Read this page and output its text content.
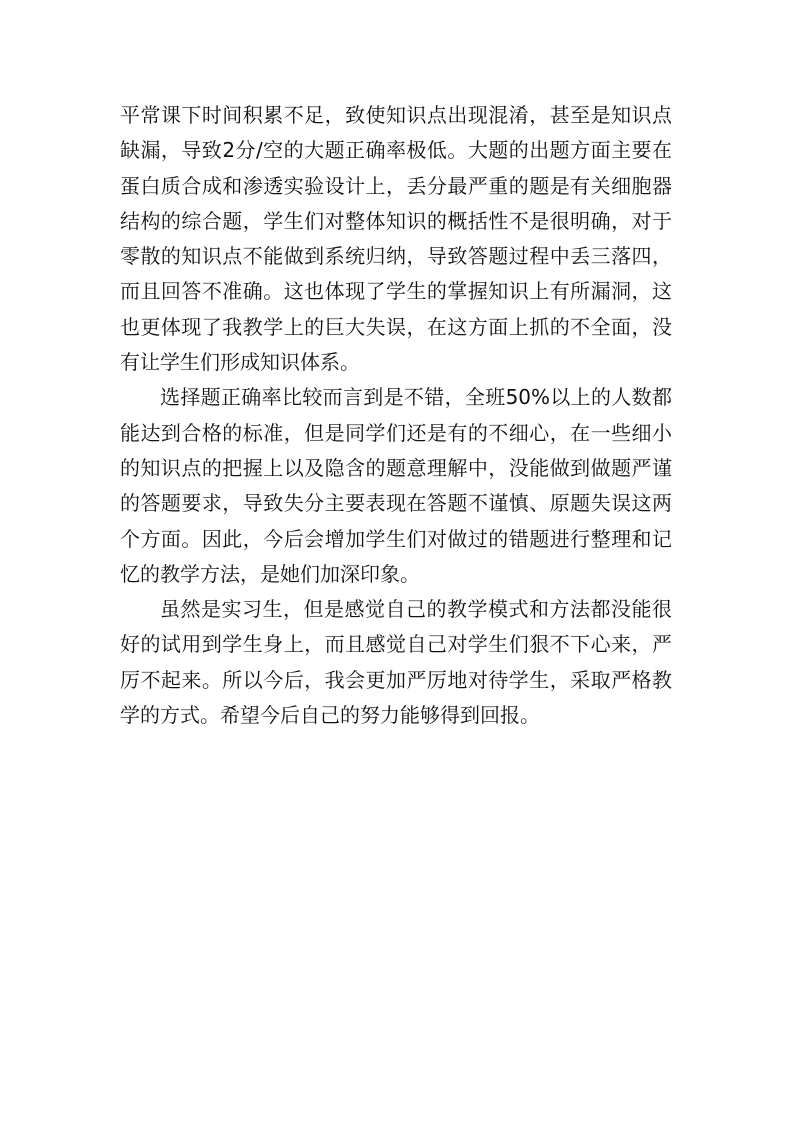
平常课下时间积累不足，致使知识点出现混淆，甚至是知识点缺漏，导致2分/空的大题正确率极低。大题的出题方面主要在蛋白质合成和渗透实验设计上，丢分最严重的题是有关细胞器结构的综合题，学生们对整体知识的概括性不是很明确，对于零散的知识点不能做到系统归纳，导致答题过程中丢三落四，而且回答不准确。这也体现了学生的掌握知识上有所漏洞，这也更体现了我教学上的巨大失误，在这方面上抓的不全面，没有让学生们形成知识体系。

选择题正确率比较而言到是不错，全班50%以上的人数都能达到合格的标准，但是同学们还是有的不细心，在一些细小的知识点的把握上以及隐含的题意理解中，没能做到做题严谨的答题要求，导致失分主要表现在答题不谨慎、原题失误这两个方面。因此，今后会增加学生们对做过的错题进行整理和记忆的教学方法，是她们加深印象。

虽然是实习生，但是感觉自己的教学模式和方法都没能很好的试用到学生身上，而且感觉自己对学生们狠不下心来，严厉不起来。所以今后，我会更加严厉地对待学生，采取严格教学的方式。希望今后自己的努力能够得到回报。
